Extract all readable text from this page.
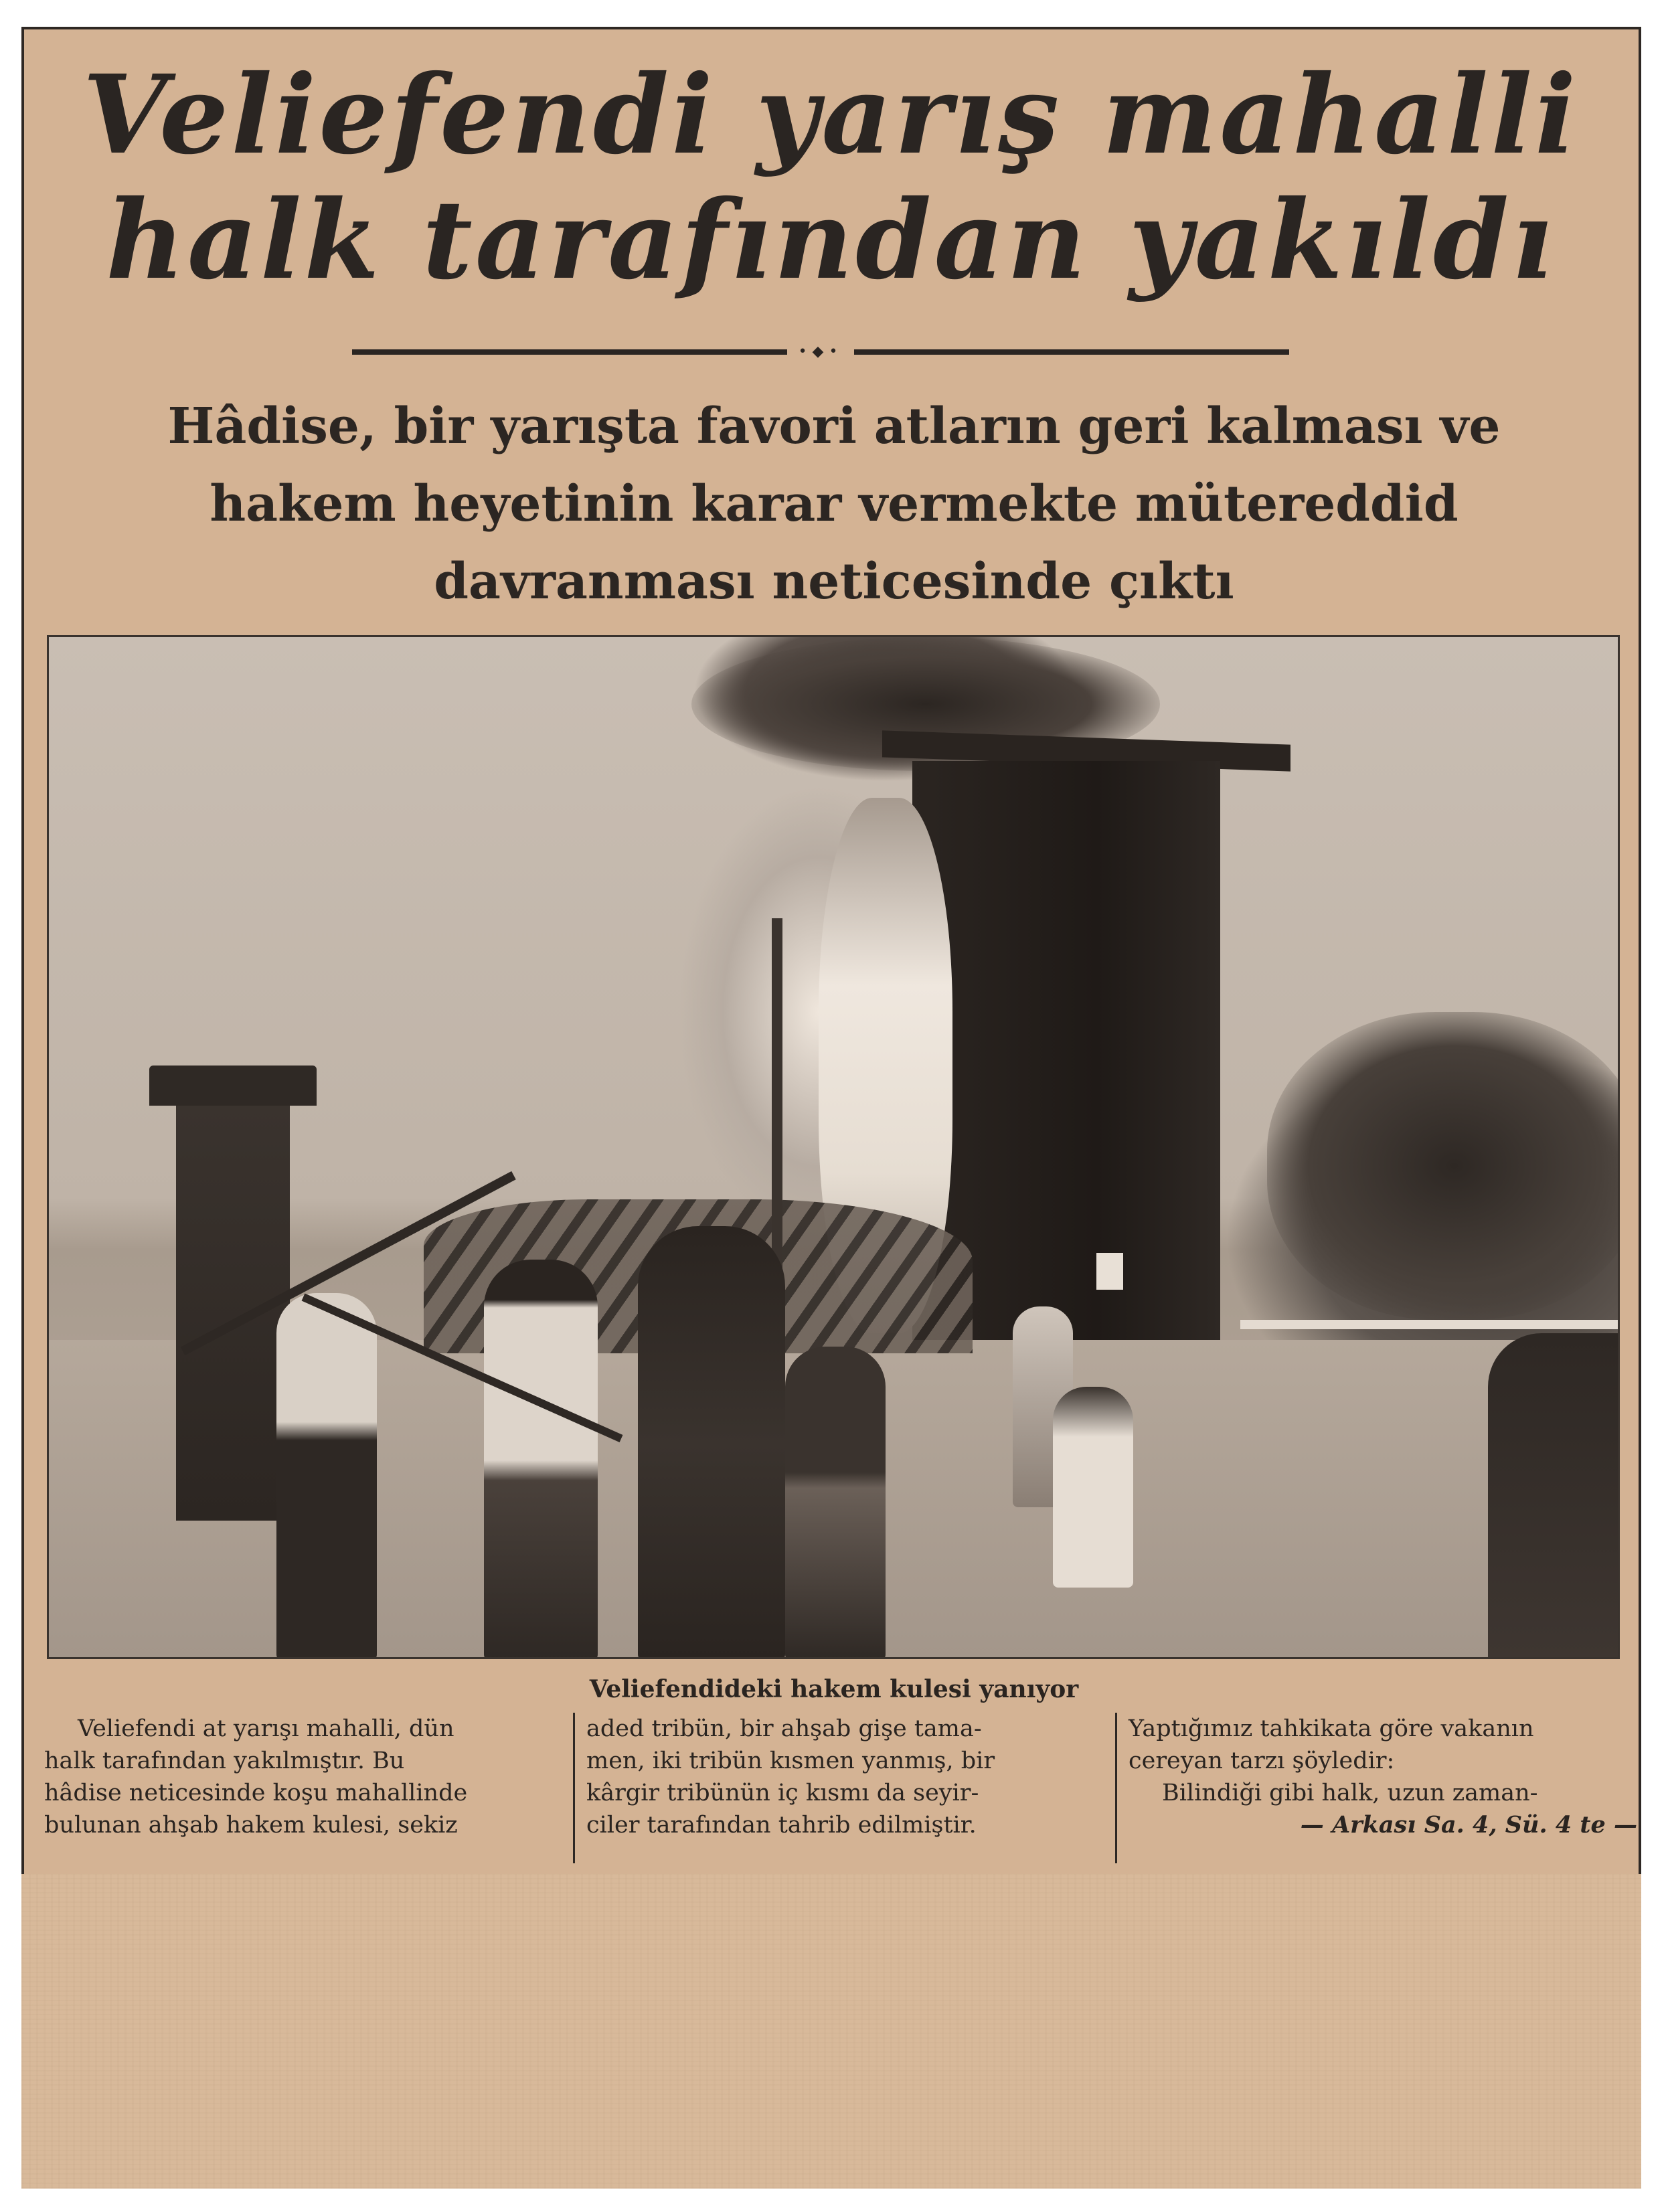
Veliefendi yarış mahalli
halk tarafından yakıldı
•◆•
Hâdise, bir yarışta favori atların geri kalması ve
hakem heyetinin karar vermekte mütereddid
davranması neticesinde çıktı
Veliefendideki hakem kulesi yanıyor
Veliefendi at yarışı mahalli, dün
halk tarafından yakılmıştır. Bu
hâdise neticesinde koşu mahallinde
bulunan ahşab hakem kulesi, sekiz
aded tribün, bir ahşab gişe tama-
men, iki tribün kısmen yanmış, bir
kârgir tribünün iç kısmı da seyir-
ciler tarafından tahrib edilmiştir.
Yaptığımız tahkikata göre vakanın
cereyan tarzı şöyledir:
Bilindiği gibi halk, uzun zaman-
— Arkası Sa. 4, Sü. 4 te —
